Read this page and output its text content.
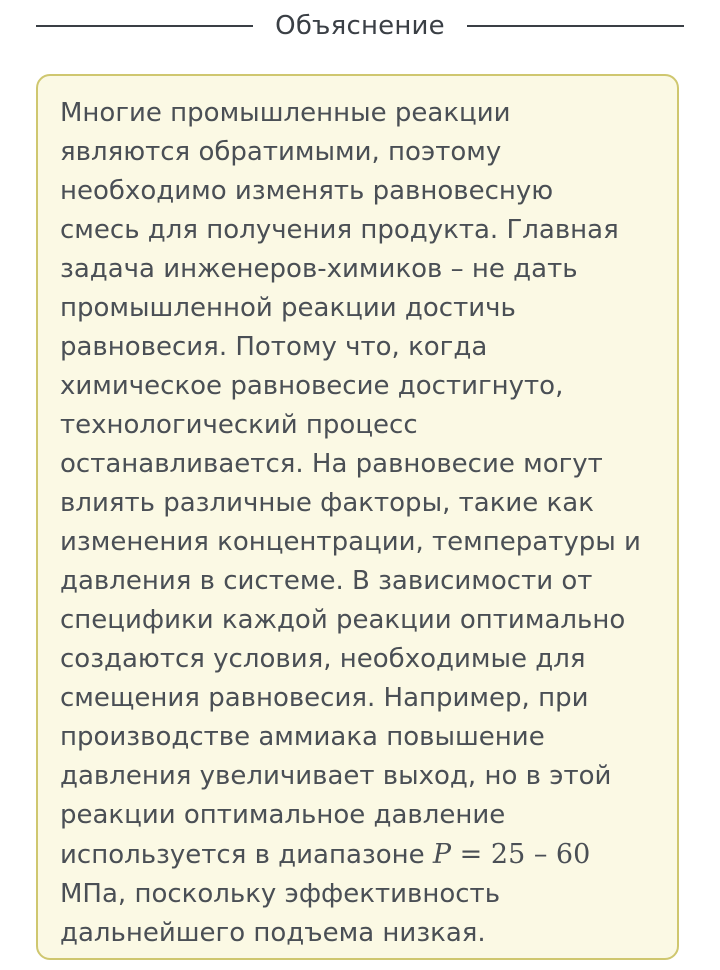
Объяснение

Многие промышленные реакции
являются обратимыми, поэтому
необходимо изменять равновесную
смесь для получения продукта. Главная
задача инженеров-химиков – не дать
промышленной реакции достичь
равновесия. Потому что, когда
химическое равновесие достигнуто,
технологический процесс
останавливается. На равновесие могут
влиять различные факторы, такие как
изменения концентрации, температуры и
давления в системе. В зависимости от
специфики каждой реакции оптимально
создаются условия, необходимые для
смещения равновесия. Например, при
производстве аммиака повышение
давления увеличивает выход, но в этой
реакции оптимальное давление
используется в диапазоне P = 25 – 60
МПа, поскольку эффективность
дальнейшего подъема низкая.
